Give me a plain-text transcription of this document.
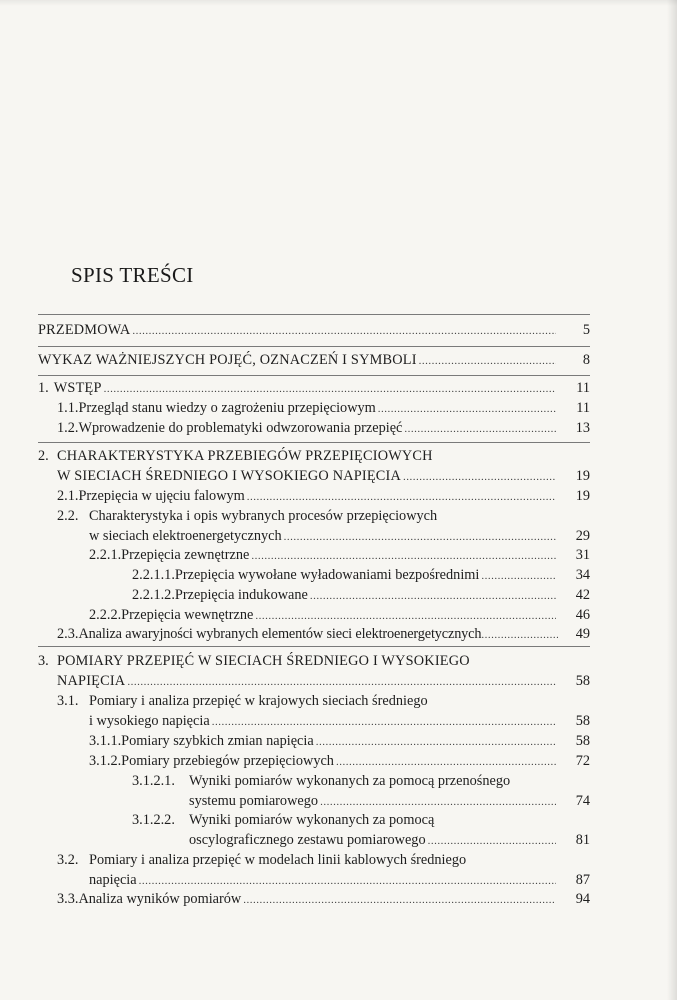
SPIS TREŚCI
PRZEDMOWA .....	5
WYKAZ WAŻNIEJSZYCH POJĘĆ, OZNACZEŃ I SYMBOLI .....	8
1. WSTĘP .....	11
1.1. Przegląd stanu wiedzy o zagrożeniu przepięciowym .....	11
1.2. Wprowadzenie do problematyki odwzorowania przepięć .....	13
2. CHARAKTERYSTYKA PRZEBIEGÓW PRZEPIĘCIOWYCH
W SIECIACH ŚREDNIEGO I WYSOKIEGO NAPIĘCIA .....	19
2.1. Przepięcia w ujęciu falowym .....	19
2.2. Charakterystyka i opis wybranych procesów przepięciowych
w sieciach elektroenergetycznych .....	29
2.2.1. Przepięcia zewnętrzne .....	31
2.2.1.1. Przepięcia wywołane wyładowaniami bezpośrednimi .....	34
2.2.1.2. Przepięcia indukowane .....	42
2.2.2. Przepięcia wewnętrzne .....	46
2.3. Analiza awaryjności wybranych elementów sieci elektroenergetycznych .....	49
3. POMIARY PRZEPIĘĆ W SIECIACH ŚREDNIEGO I WYSOKIEGO
NAPIĘCIA .....	58
3.1. Pomiary i analiza przepięć w krajowych sieciach średniego
i wysokiego napięcia .....	58
3.1.1. Pomiary szybkich zmian napięcia .....	58
3.1.2. Pomiary przebiegów przepięciowych .....	72
3.1.2.1. Wyniki pomiarów wykonanych za pomocą przenośnego
systemu pomiarowego .....	74
3.1.2.2. Wyniki pomiarów wykonanych za pomocą
oscylograficznego zestawu pomiarowego .....	81
3.2. Pomiary i analiza przepięć w modelach linii kablowych średniego
napięcia .....	87
3.3. Analiza wyników pomiarów .....	94
